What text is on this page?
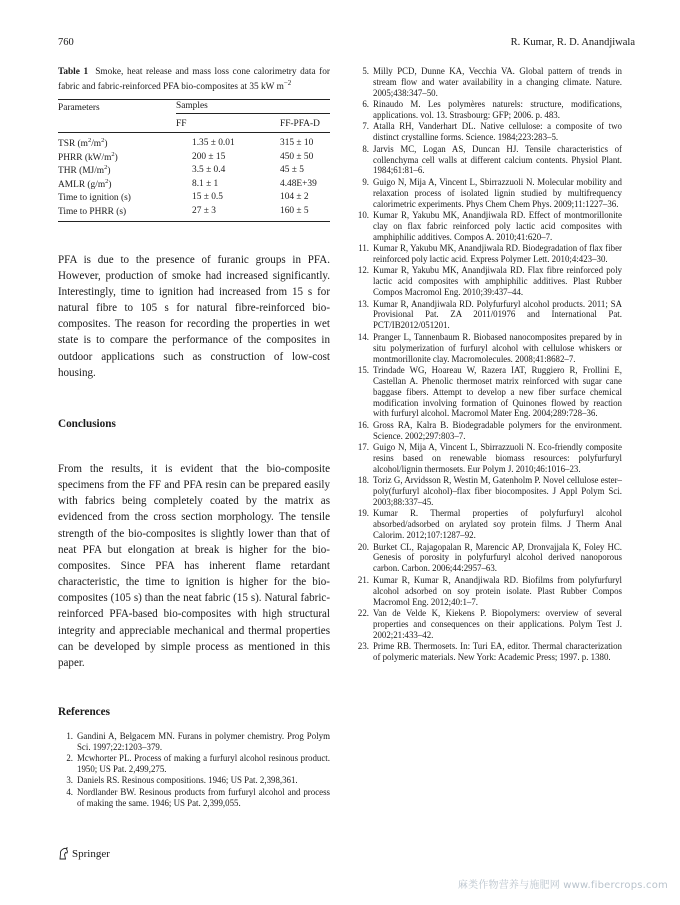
760	R. Kumar, R. D. Anandjiwala

Table 1 Smoke, heat release and mass loss cone calorimetry data for fabric and fabric-reinforced PFA bio-composites at 35 kW $m^{-2}$

Parameters	Samples	
	FF	FF-PFA-D

TSR $(m^2/m^2)$	1.35 ± 0.01	315 ± 10
PHRR $(kW/m^2)$	200 ± 15	450 ± 50
THR $(MJ/m^2)$	3.5 ± 0.4	45 ± 5
AMLR $(g/m^2)$	8.1 ± 1	4.48E+39
Time to ignition (s)	15 ± 0.5	104 ± 2
Time to PHRR (s)	27 ± 3	160 ± 5

PFA is due to the presence of furanic groups in PFA. However, production of smoke had increased significantly. Interestingly, time to ignition had increased from 15 s for natural fibre to 105 s for natural fibre-reinforced bio-composites. The reason for recording the properties in wet state is to compare the performance of the composites in outdoor applications such as construction of low-cost housing.

Conclusions

From the results, it is evident that the bio-composite specimens from the FF and PFA resin can be prepared easily with fabrics being completely coated by the matrix as evidenced from the cross section morphology. The tensile strength of the bio-composites is slightly lower than that of neat PFA but elongation at break is higher for the bio-composites. Since PFA has inherent flame retardant characteristic, the time to ignition is higher for the bio-composites (105 s) than the neat fabric (15 s). Natural fabric-reinforced PFA-based bio-composites with high structural integrity and appreciable mechanical and thermal properties can be developed by simple process as mentioned in this paper.

References
1. Gandini A, Belgacem MN. Furans in polymer chemistry. Prog Polym Sci. 1997;22:1203–379.
2. Mcwhorter PL. Process of making a furfuryl alcohol resinous product. 1950; US Pat. 2,499,275.
3. Daniels RS. Resinous compositions. 1946; US Pat. 2,398,361.
4. Nordlander BW. Resinous products from furfuryl alcohol and process of making the same. 1946; US Pat. 2,399,055.
5. Milly PCD, Dunne KA, Vecchia VA. Global pattern of trends in stream flow and water availability in a changing climate. Nature. 2005;438:347–50.
6. Rinaudo M. Les polymères naturels: structure, modifications, applications. vol. 13. Strasbourg: GFP; 2006. p. 483.
7. Atalla RH, Vanderhart DL. Native cellulose: a composite of two distinct crystalline forms. Science. 1984;223:283–5.
8. Jarvis MC, Logan AS, Duncan HJ. Tensile characteristics of collenchyma cell walls at different calcium contents. Physiol Plant. 1984;61:81–6.
9. Guigo N, Mija A, Vincent L, Sbirrazzuoli N. Molecular mobility and relaxation process of isolated lignin studied by multifrequency calorimetric experiments. Phys Chem Chem Phys. 2009;11:1227–36.
10. Kumar R, Yakubu MK, Anandjiwala RD. Effect of montmorillonite clay on flax fabric reinforced poly lactic acid composites with amphiphilic additives. Compos A. 2010;41:620–7.
11. Kumar R, Yakubu MK, Anandjiwala RD. Biodegradation of flax fiber reinforced poly lactic acid. Express Polymer Lett. 2010;4:423–30.
12. Kumar R, Yakubu MK, Anandjiwala RD. Flax fibre reinforced poly lactic acid composites with amphiphilic additives. Plast Rubber Compos Macromol Eng. 2010;39:437–44.
13. Kumar R, Anandjiwala RD. Polyfurfuryl alcohol products. 2011; SA Provisional Pat. ZA 2011/01976 and International Pat. PCT/IB2012/051201.
14. Pranger L, Tannenbaum R. Biobased nanocomposites prepared by in situ polymerization of furfuryl alcohol with cellulose whiskers or montmorillonite clay. Macromolecules. 2008;41:8682–7.
15. Trindade WG, Hoareau W, Razera IAT, Ruggiero R, Frollini E, Castellan A. Phenolic thermoset matrix reinforced with sugar cane baggase fibers. Attempt to develop a new fiber surface chemical modification involving formation of Quinones flowed by reaction with furfuryl alcohol. Macromol Mater Eng. 2004;289:728–36.
16. Gross RA, Kalra B. Biodegradable polymers for the environment. Science. 2002;297:803–7.
17. Guigo N, Mija A, Vincent L, Sbirrazzuoli N. Eco-friendly composite resins based on renewable biomass resources: polyfurfuryl alcohol/lignin thermosets. Eur Polym J. 2010;46:1016–23.
18. Toriz G, Arvidsson R, Westin M, Gatenholm P. Novel cellulose ester–poly(furfuryl alcohol)–flax fiber biocomposites. J Appl Polym Sci. 2003;88:337–45.
19. Kumar R. Thermal properties of polyfurfuryl alcohol absorbed/adsorbed on arylated soy protein films. J Therm Anal Calorim. 2012;107:1287–92.
20. Burket CL, Rajagopalan R, Marencic AP, Dronvajjala K, Foley HC. Genesis of porosity in polyfurfuryl alcohol derived nanoporous carbon. Carbon. 2006;44:2957–63.
21. Kumar R, Kumar R, Anandjiwala RD. Biofilms from polyfurfuryl alcohol adsorbed on soy protein isolate. Plast Rubber Compos Macromol Eng. 2012;40:1–7.
22. Van de Velde K, Kiekens P. Biopolymers: overview of several properties and consequences on their applications. Polym Test J. 2002;21:433–42.
23. Prime RB. Thermosets. In: Turi EA, editor. Thermal characterization of polymeric materials. New York: Academic Press; 1997. p. 1380.
Springer
麻类作物营养与施肥网 www.fibercrops.com
